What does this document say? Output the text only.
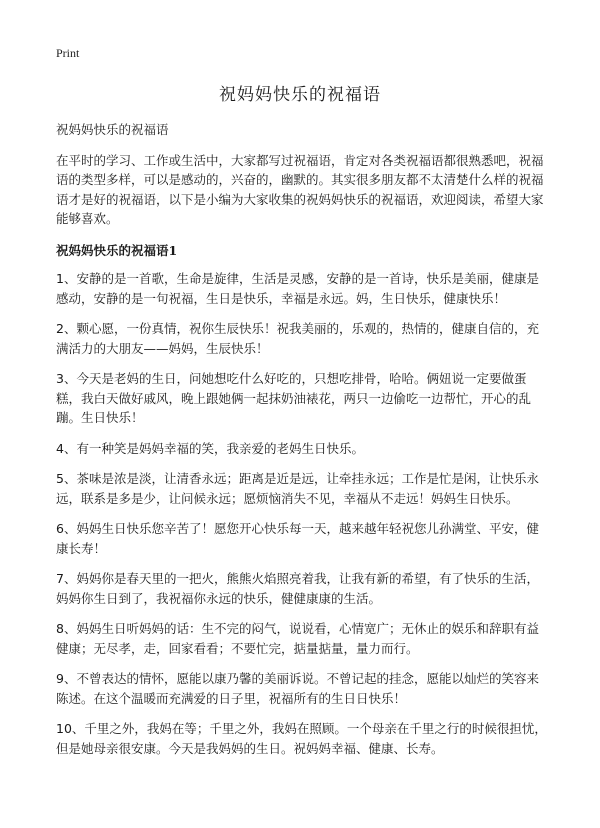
Print
祝妈妈快乐的祝福语

祝妈妈快乐的祝福语

在平时的学习、工作或生活中，大家都写过祝福语，肯定对各类祝福语都很熟悉吧，祝福语的类型多样，可以是感动的，兴奋的，幽默的。其实很多朋友都不太清楚什么样的祝福语才是好的祝福语，以下是小编为大家收集的祝妈妈快乐的祝福语，欢迎阅读，希望大家能够喜欢。

祝妈妈快乐的祝福语1

1、安静的是一首歌，生命是旋律，生活是灵感，安静的是一首诗，快乐是美丽，健康是感动，安静的是一句祝福，生日是快乐，幸福是永远。妈，生日快乐，健康快乐！

2、颗心愿，一份真情，祝你生辰快乐！祝我美丽的，乐观的，热情的，健康自信的，充满活力的大朋友——妈妈，生辰快乐！

3、今天是老妈的生日，问她想吃什么好吃的，只想吃排骨，哈哈。俩妞说一定要做蛋糕，我白天做好戚风，晚上跟她俩一起抹奶油裱花，两只一边偷吃一边帮忙，开心的乱蹦。生日快乐！

4、有一种笑是妈妈幸福的笑，我亲爱的老妈生日快乐。

5、茶味是浓是淡，让清香永远；距离是近是远，让牵挂永远；工作是忙是闲，让快乐永远，联系是多是少，让问候永远；愿烦恼消失不见，幸福从不走远！妈妈生日快乐。

6、妈妈生日快乐您辛苦了！愿您开心快乐每一天，越来越年轻祝您儿孙满堂、平安，健康长寿！

7、妈妈你是春天里的一把火，熊熊火焰照亮着我，让我有新的希望，有了快乐的生活，妈妈你生日到了，我祝福你永远的快乐，健健康康的生活。

8、妈妈生日听妈妈的话：生不完的闷气，说说看，心情宽广；无休止的娱乐和辞职有益健康；无尽孝，走，回家看看；不要忙完，掂量掂量，量力而行。

9、不曾表达的情怀，愿能以康乃馨的美丽诉说。不曾记起的挂念，愿能以灿烂的笑容来陈述。在这个温暖而充满爱的日子里，祝福所有的生日日快乐！

10、千里之外，我妈在等；千里之外，我妈在照顾。一个母亲在千里之行的时候很担忧，但是她母亲很安康。今天是我妈妈的生日。祝妈妈幸福、健康、长寿。
